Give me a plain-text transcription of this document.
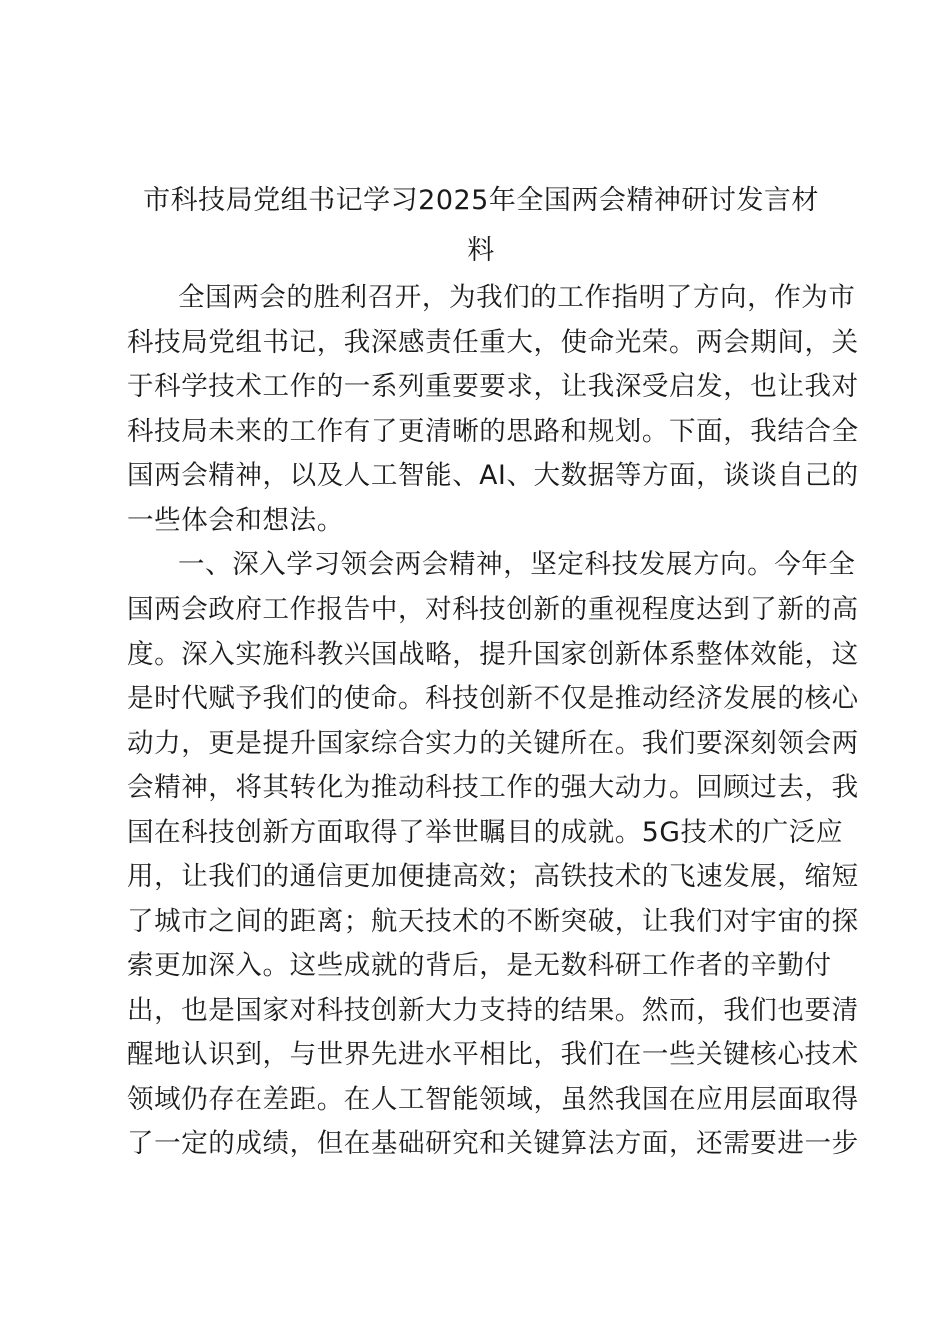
市科技局党组书记学习2025年全国两会精神研讨发言材
料
全国两会的胜利召开，为我们的工作指明了方向，作为市
科技局党组书记，我深感责任重大，使命光荣。两会期间，关
于科学技术工作的一系列重要要求，让我深受启发，也让我对
科技局未来的工作有了更清晰的思路和规划。下面，我结合全
国两会精神，以及人工智能、AI、大数据等方面，谈谈自己的
一些体会和想法。
一、深入学习领会两会精神，坚定科技发展方向。今年全
国两会政府工作报告中，对科技创新的重视程度达到了新的高
度。深入实施科教兴国战略，提升国家创新体系整体效能，这
是时代赋予我们的使命。科技创新不仅是推动经济发展的核心
动力，更是提升国家综合实力的关键所在。我们要深刻领会两
会精神，将其转化为推动科技工作的强大动力。回顾过去，我
国在科技创新方面取得了举世瞩目的成就。5G技术的广泛应
用，让我们的通信更加便捷高效；高铁技术的飞速发展，缩短
了城市之间的距离；航天技术的不断突破，让我们对宇宙的探
索更加深入。这些成就的背后，是无数科研工作者的辛勤付
出，也是国家对科技创新大力支持的结果。然而，我们也要清
醒地认识到，与世界先进水平相比，我们在一些关键核心技术
领域仍存在差距。在人工智能领域，虽然我国在应用层面取得
了一定的成绩，但在基础研究和关键算法方面，还需要进一步
